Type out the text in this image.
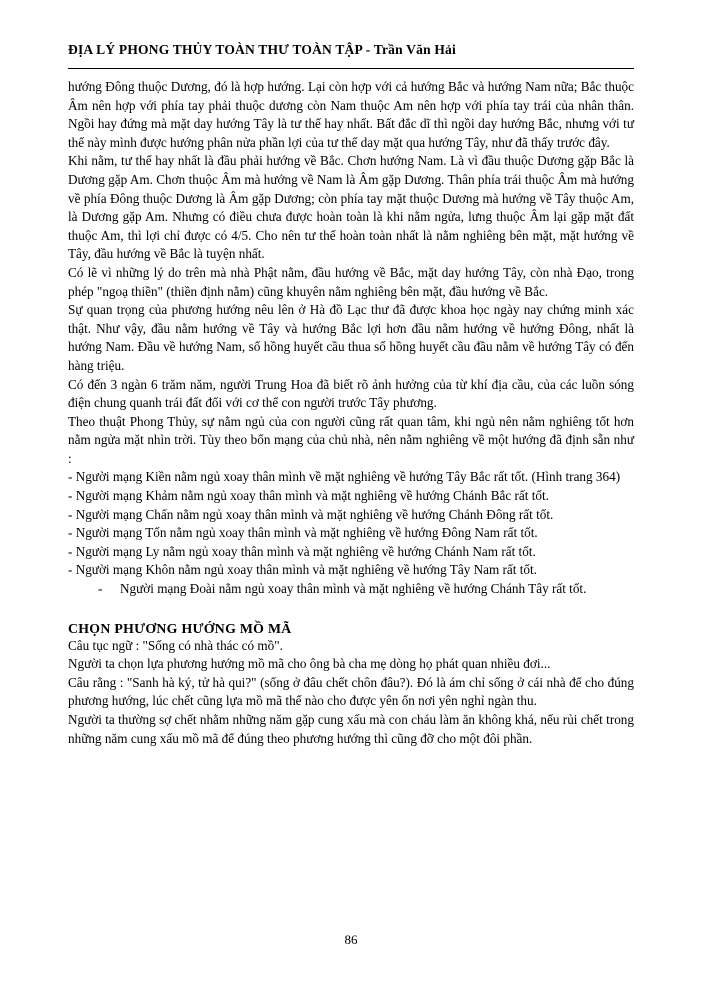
ĐỊA LÝ PHONG THỦY TOÀN THƯ TOÀN TẬP - Trần Văn Hải

hướng Đông thuộc Dương, đó là hợp hướng. Lại còn hợp với cả hướng Bắc và hướng Nam nữa; Bắc thuộc Âm nên hợp với phía tay phải thuộc dương còn Nam thuộc Am nên hợp với phía tay trái của nhân thân. Ngồi hay đứng mà mặt day hướng Tây là tư thế hay nhất. Bất đắc dĩ thì ngồi day hướng Bắc, nhưng với tư thế này mình được hướng phân nửa phần lợi của tư thế day mặt qua hướng Tây, như đã thấy trước đây.

Khi nằm, tư thế hay nhất là đầu phải hướng về Bắc. Chơn hướng Nam. Là vì đầu thuộc Dương gặp Bắc là Dương gặp Am. Chơn thuộc Âm mà hướng về Nam là Âm gặp Dương. Thân phía trái thuộc Âm mà hướng về phía Đông thuộc Dương là Âm gặp Dương; còn phía tay mặt thuộc Dương mà hướng về Tây thuộc Am, là Dương gặp Am. Nhưng có điều chưa được hoàn toàn là khi nằm ngửa, lưng thuộc Âm lại gặp mặt đất thuộc Am, thì lợi chỉ được có 4/5. Cho nên tư thế hoàn toàn nhất là nằm nghiêng bên mặt, mặt hướng về Tây, đầu hướng về Bắc là tuyện nhất.

Có lẽ vì những lý do trên mà nhà Phật nằm, đầu hướng về Bắc, mặt day hướng Tây, còn nhà Đạo, trong phép "ngoạ thiền" (thiền định nằm) cũng khuyên nằm nghiêng bên mặt, đầu hướng về Bắc.

Sự quan trọng của phương hướng nêu lên ở Hà đồ Lạc thư đã được khoa học ngày nay chứng minh xác thật. Như vậy, đầu nằm hướng về Tây và hướng Bắc lợi hơn đầu nằm hướng về hướng Đông, nhất là hướng Nam. Đầu về hướng Nam, số hồng huyết cầu thua số hồng huyết cầu đầu nằm về hướng Tây có đến hàng triệu.

Có đến 3 ngàn 6 trăm năm, người Trung Hoa đã biết rõ ảnh hưởng của từ khí địa cầu, của các luồn sóng điện chung quanh trái đất đối với cơ thể con người trước Tây phương.

Theo thuật Phong Thủy, sự nằm ngủ của con người cũng rất quan tâm, khi ngủ nên nằm nghiêng tốt hơn nằm ngửa mặt nhìn trời. Tùy theo bổn mạng của chủ nhà, nên nằm nghiêng về một hướng đã định sẵn như :

- Người mạng Kiền nằm ngủ xoay thân mình về mặt nghiêng về hướng Tây Bắc rất tốt. (Hình trang 364)

- Người mạng Khảm nằm ngủ xoay thân mình và mặt nghiêng về hướng Chánh Bắc rất tốt.

- Người mạng Chấn nằm ngủ xoay thân mình và mặt nghiêng về hướng Chánh Đông rất tốt.

- Người mạng Tốn nằm ngủ xoay thân mình và mặt nghiêng về hướng Đông Nam rất tốt.

- Người mạng Ly nằm ngủ xoay thân mình và mặt nghiêng về hướng Chánh Nam rất tốt.

- Người mạng Khôn nằm ngủ xoay thân mình và mặt nghiêng về hướng Tây Nam rất tốt.

- Người mạng Đoài nằm ngủ xoay thân mình và mặt nghiêng về hướng Chánh Tây rất tốt.

CHỌN PHƯƠNG HƯỚNG MỒ MÃ

Câu tục ngữ : "Sống có nhà thác có mồ".

Người ta chọn lựa phương hướng mồ mã cho ông bà cha mẹ dòng họ phát quan nhiều đơi...

Câu rằng : "Sanh hà ký, tử hà qui?" (sống ở đâu chết chôn đâu?). Đó là ám chỉ sống ở cái nhà để cho đúng phương hướng, lúc chết cũng lựa mồ mã thế nào cho được yên ổn nơi yên nghỉ ngàn thu.

Người ta thường sợ chết nhằm những năm gặp cung xấu mà con cháu làm ăn không khá, nếu rủi chết trong những năm cung xấu mồ mã để đúng theo phương hướng thì cũng đỡ cho một đôi phần.

86
